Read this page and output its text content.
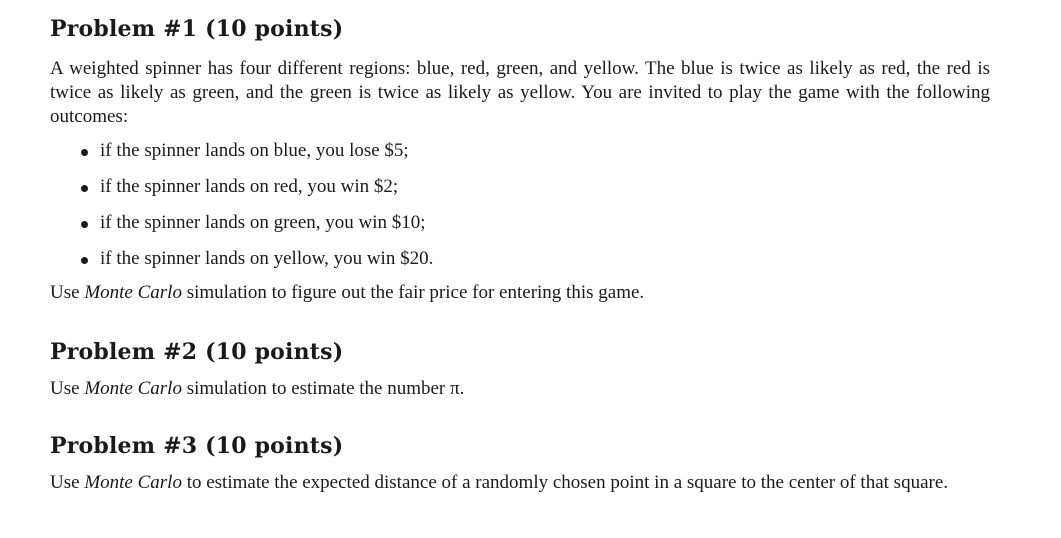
Problem #1 (10 points)

A weighted spinner has four different regions: blue, red, green, and yellow. The blue is twice as likely as red, the red is twice as likely as green, and the green is twice as likely as yellow. You are invited to play the game with the following outcomes:

if the spinner lands on blue, you lose $5;
if the spinner lands on red, you win $2;
if the spinner lands on green, you win $10;
if the spinner lands on yellow, you win $20.

Use Monte Carlo simulation to figure out the fair price for entering this game.

Problem #2 (10 points)

Use Monte Carlo simulation to estimate the number π.

Problem #3 (10 points)

Use Monte Carlo to estimate the expected distance of a randomly chosen point in a square to the center of that square.
